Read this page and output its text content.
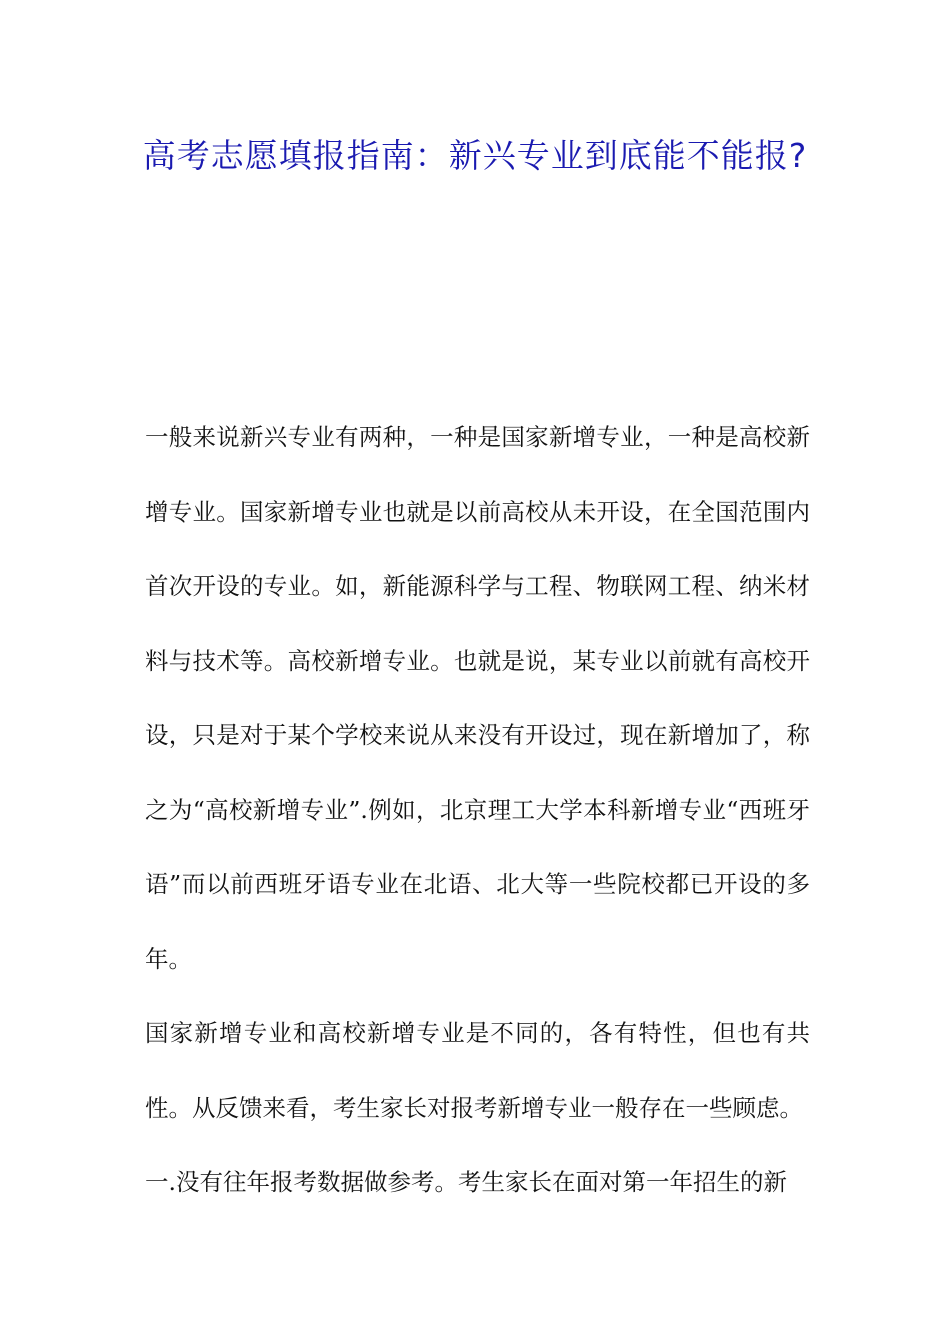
高考志愿填报指南：新兴专业到底能不能报?

一般来说新兴专业有两种，一种是国家新增专业，一种是高校新增专业。国家新增专业也就是以前高校从未开设，在全国范围内首次开设的专业。如，新能源科学与工程、物联网工程、纳米材料与技术等。高校新增专业。也就是说，某专业以前就有高校开设，只是对于某个学校来说从来没有开设过，现在新增加了，称之为“高校新增专业”.例如，北京理工大学本科新增专业“西班牙语”而以前西班牙语专业在北语、北大等一些院校都已开设的多年。

国家新增专业和高校新增专业是不同的，各有特性，但也有共性。从反馈来看，考生家长对报考新增专业一般存在一些顾虑。

一.没有往年报考数据做参考。考生家长在面对第一年招生的新
